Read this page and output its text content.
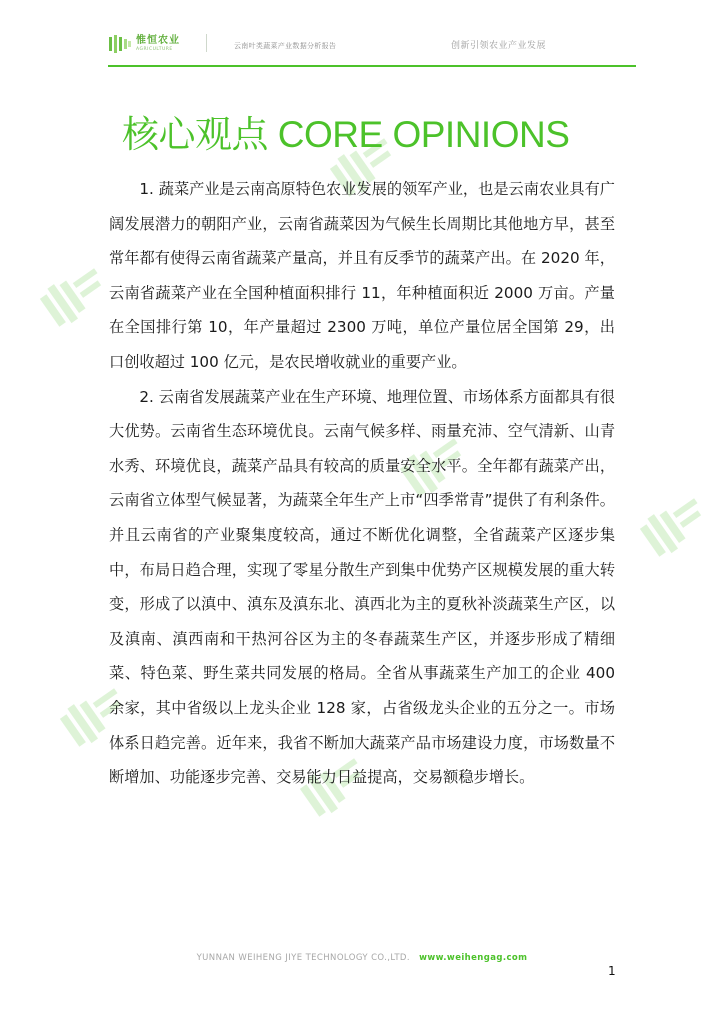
惟恒农业
AGRICULTURE	云南叶类蔬菜产业数据分析报告	创新引领农业产业发展
核心观点 CORE OPINIONS

1. 蔬菜产业是云南高原特色农业发展的领军产业，也是云南农业具有广阔发展潜力的朝阳产业，云南省蔬菜因为气候生长周期比其他地方早，甚至常年都有使得云南省蔬菜产量高，并且有反季节的蔬菜产出。在 2020 年，云南省蔬菜产业在全国种植面积排行 11，年种植面积近 2000 万亩。产量在全国排行第 10，年产量超过 2300 万吨，单位产量位居全国第 29，出口创收超过 100 亿元，是农民增收就业的重要产业。

2. 云南省发展蔬菜产业在生产环境、地理位置、市场体系方面都具有很大优势。云南省生态环境优良。云南气候多样、雨量充沛、空气清新、山青水秀、环境优良，蔬菜产品具有较高的质量安全水平。全年都有蔬菜产出，云南省立体型气候显著，为蔬菜全年生产上市“四季常青”提供了有利条件。并且云南省的产业聚集度较高，通过不断优化调整，全省蔬菜产区逐步集中，布局日趋合理，实现了零星分散生产到集中优势产区规模发展的重大转变，形成了以滇中、滇东及滇东北、滇西北为主的夏秋补淡蔬菜生产区，以及滇南、滇西南和干热河谷区为主的冬春蔬菜生产区，并逐步形成了精细菜、特色菜、野生菜共同发展的格局。全省从事蔬菜生产加工的企业 400 余家，其中省级以上龙头企业 128 家，占省级龙头企业的五分之一。市场体系日趋完善。近年来，我省不断加大蔬菜产品市场建设力度，市场数量不断增加、功能逐步完善、交易能力日益提高，交易额稳步增长。

YUNNAN WEIHENG JIYE TECHNOLOGY CO.,LTD. www.weihengag.com
1
